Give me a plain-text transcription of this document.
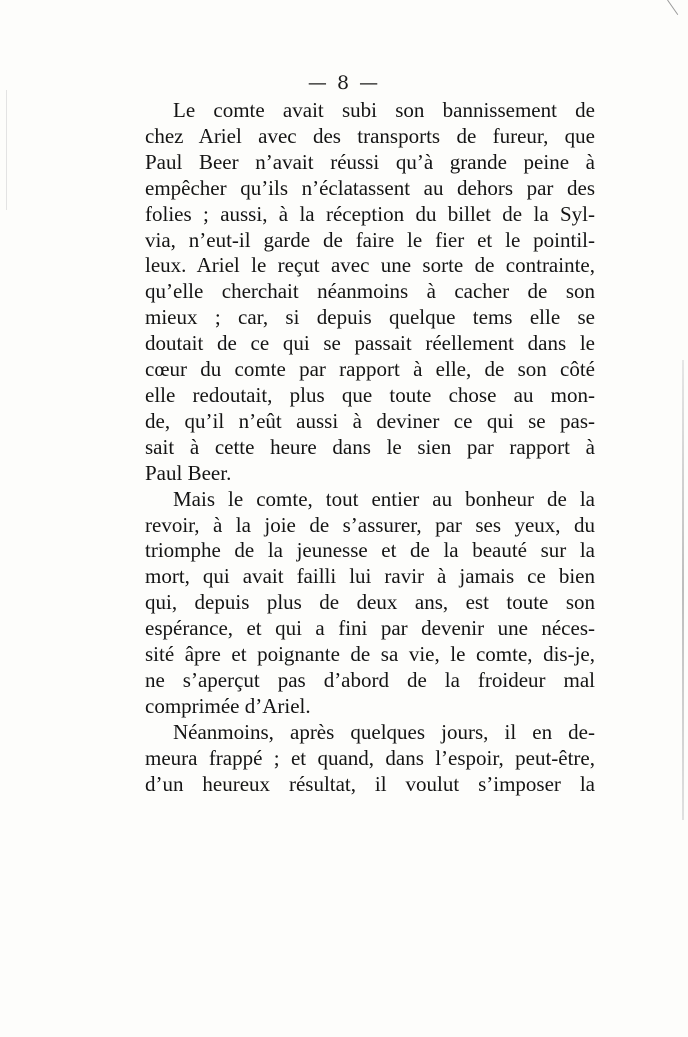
— 8 —
Le comte avait subi son bannissement de
chez Ariel avec des transports de fureur, que
Paul Beer n’avait réussi qu’à grande peine à
empêcher qu’ils n’éclatassent au dehors par des
folies ; aussi, à la réception du billet de la Syl-
via, n’eut-il garde de faire le fier et le pointil-
leux. Ariel le reçut avec une sorte de contrainte,
qu’elle cherchait néanmoins à cacher de son
mieux ; car, si depuis quelque tems elle se
doutait de ce qui se passait réellement dans le
cœur du comte par rapport à elle, de son côté
elle redoutait, plus que toute chose au mon-
de, qu’il n’eût aussi à deviner ce qui se pas-
sait à cette heure dans le sien par rapport à
Paul Beer.
Mais le comte, tout entier au bonheur de la
revoir, à la joie de s’assurer, par ses yeux, du
triomphe de la jeunesse et de la beauté sur la
mort, qui avait failli lui ravir à jamais ce bien
qui, depuis plus de deux ans, est toute son
espérance, et qui a fini par devenir une néces-
sité âpre et poignante de sa vie, le comte, dis-je,
ne s’aperçut pas d’abord de la froideur mal
comprimée d’Ariel.
Néanmoins, après quelques jours, il en de-
meura frappé ; et quand, dans l’espoir, peut-être,
d’un heureux résultat, il voulut s’imposer la
